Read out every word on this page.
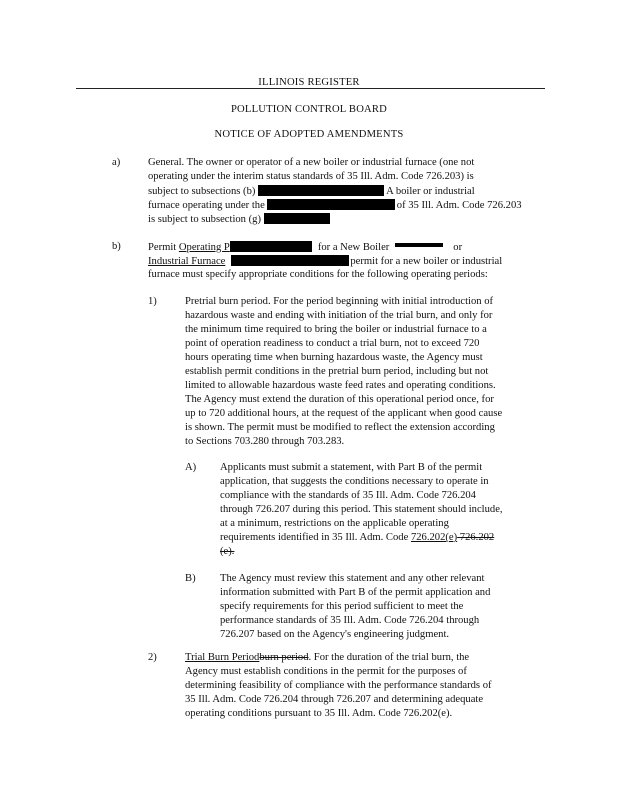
ILLINOIS REGISTER
POLLUTION CONTROL BOARD
NOTICE OF ADOPTED AMENDMENTS
a)	General. The owner or operator of a new boiler or industrial furnace (one not
operating under the interim status standards of 35 Ill. Adm. Code 726.203) is
subject to subsections (b)	A boiler or industrial
furnace operating under the	of 35 Ill. Adm. Code 726.203
is subject to subsection (g)
b)	Permit Operating P	for a New Boiler	or
Industrial Furnace	permit for a new boiler or industrial
furnace must specify appropriate conditions for the following operating periods:
1)	Pretrial burn period. For the period beginning with initial introduction of
hazardous waste and ending with initiation of the trial burn, and only for
the minimum time required to bring the boiler or industrial furnace to a
point of operation readiness to conduct a trial burn, not to exceed 720
hours operating time when burning hazardous waste, the Agency must
establish permit conditions in the pretrial burn period, including but not
limited to allowable hazardous waste feed rates and operating conditions.
The Agency must extend the duration of this operational period once, for
up to 720 additional hours, at the request of the applicant when good cause
is shown. The permit must be modified to reflect the extension according
to Sections 703.280 through 703.283.
A) Applicants must submit a statement, with Part B of the permit
application, that suggests the conditions necessary to operate in
compliance with the standards of 35 Ill. Adm. Code 726.204
through 726.207 during this period. This statement should include,
at a minimum, restrictions on the applicable operating
requirements identified in 35 Ill. Adm. Code 726.202(e) 726.202
(e).
B) The Agency must review this statement and any other relevant
information submitted with Part B of the permit application and
specify requirements for this period sufficient to meet the
performance standards of 35 Ill. Adm. Code 726.204 through
726.207 based on the Agency's engineering judgment.
2)	Trial Burn Periodburn period. For the duration of the trial burn, the
Agency must establish conditions in the permit for the purposes of
determining feasibility of compliance with the performance standards of
35 Ill. Adm. Code 726.204 through 726.207 and determining adequate
operating conditions pursuant to 35 Ill. Adm. Code 726.202(e).
